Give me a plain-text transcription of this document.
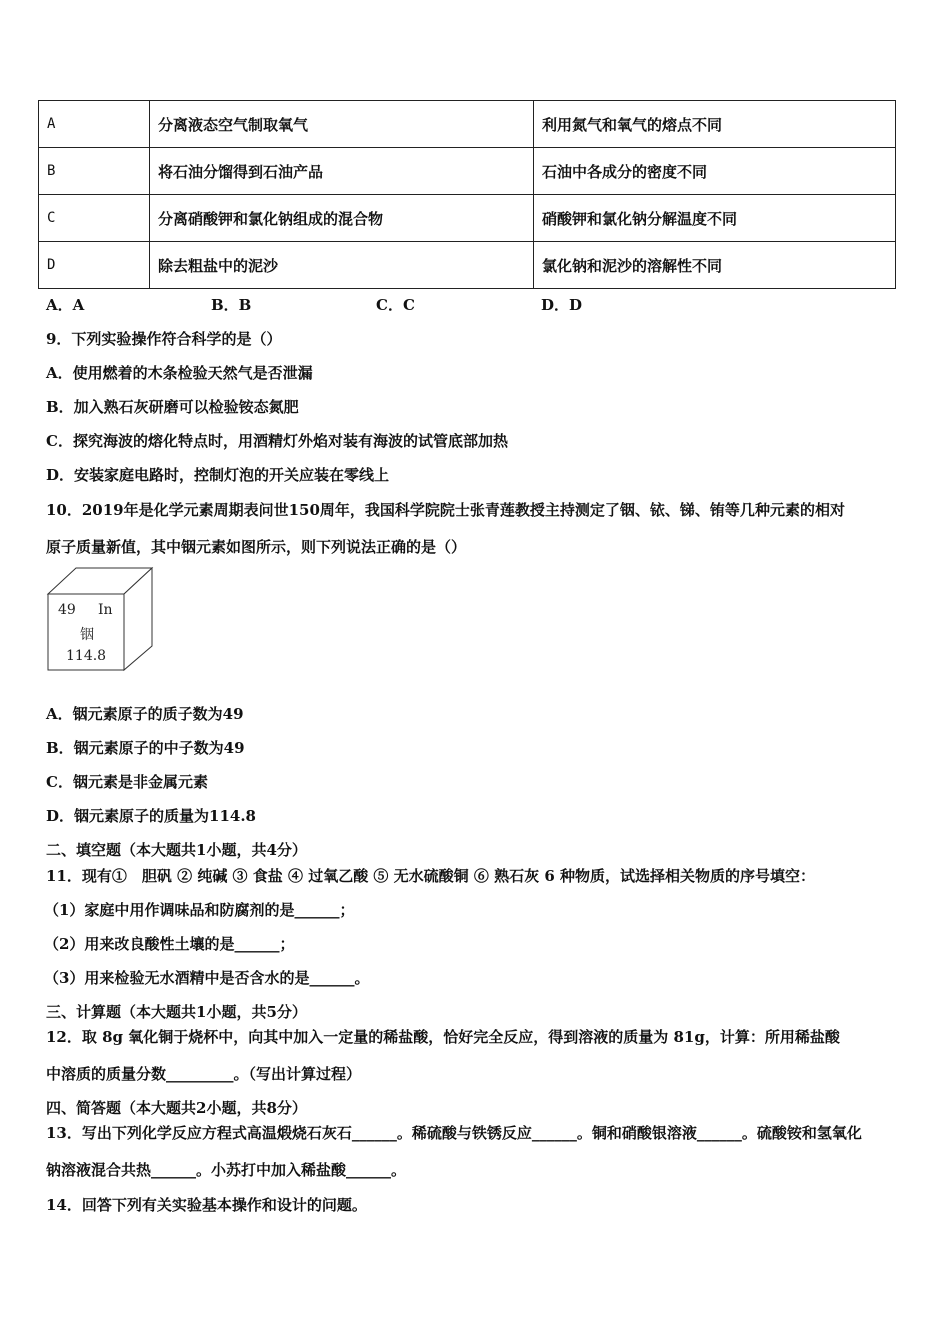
A	分离液态空气制取氧气	利用氮气和氧气的熔点不同
B	将石油分馏得到石油产品	石油中各成分的密度不同
C	分离硝酸钾和氯化钠组成的混合物	硝酸钾和氯化钠分解温度不同
D	除去粗盐中的泥沙	氯化钠和泥沙的溶解性不同
A．A	B．B	C．C	D．D
9．下列实验操作符合科学的是（）
A．使用燃着的木条检验天然气是否泄漏
B．加入熟石灰研磨可以检验铵态氮肥
C．探究海波的熔化特点时，用酒精灯外焰对装有海波的试管底部加热
D．安装家庭电路时，控制灯泡的开关应装在零线上
10．2019年是化学元素周期表问世150周年，我国科学院院士张青莲教授主持测定了铟、铱、锑、铕等几种元素的相对
原子质量新值，其中铟元素如图所示，则下列说法正确的是（）
49 In
铟
114.8
A．铟元素原子的质子数为49
B．铟元素原子的中子数为49
C．铟元素是非金属元素
D．铟元素原子的质量为114.8
二、填空题（本大题共1小题，共4分）
11．现有①　胆矾 ② 纯碱 ③ 食盐 ④ 过氧乙酸 ⑤ 无水硫酸铜 ⑥ 熟石灰 6 种物质，试选择相关物质的序号填空：
（1）家庭中用作调味品和防腐剂的是______；
（2）用来改良酸性土壤的是______；
（3）用来检验无水酒精中是否含水的是______。
三、计算题（本大题共1小题，共5分）
12．取 8g 氧化铜于烧杯中，向其中加入一定量的稀盐酸，恰好完全反应，得到溶液的质量为 81g，计算：所用稀盐酸
中溶质的质量分数_________。（写出计算过程）
四、简答题（本大题共2小题，共8分）
13．写出下列化学反应方程式高温煅烧石灰石______。稀硫酸与铁锈反应______。铜和硝酸银溶液______。硫酸铵和氢氧化
钠溶液混合共热______。小苏打中加入稀盐酸______。
14．回答下列有关实验基本操作和设计的问题。
